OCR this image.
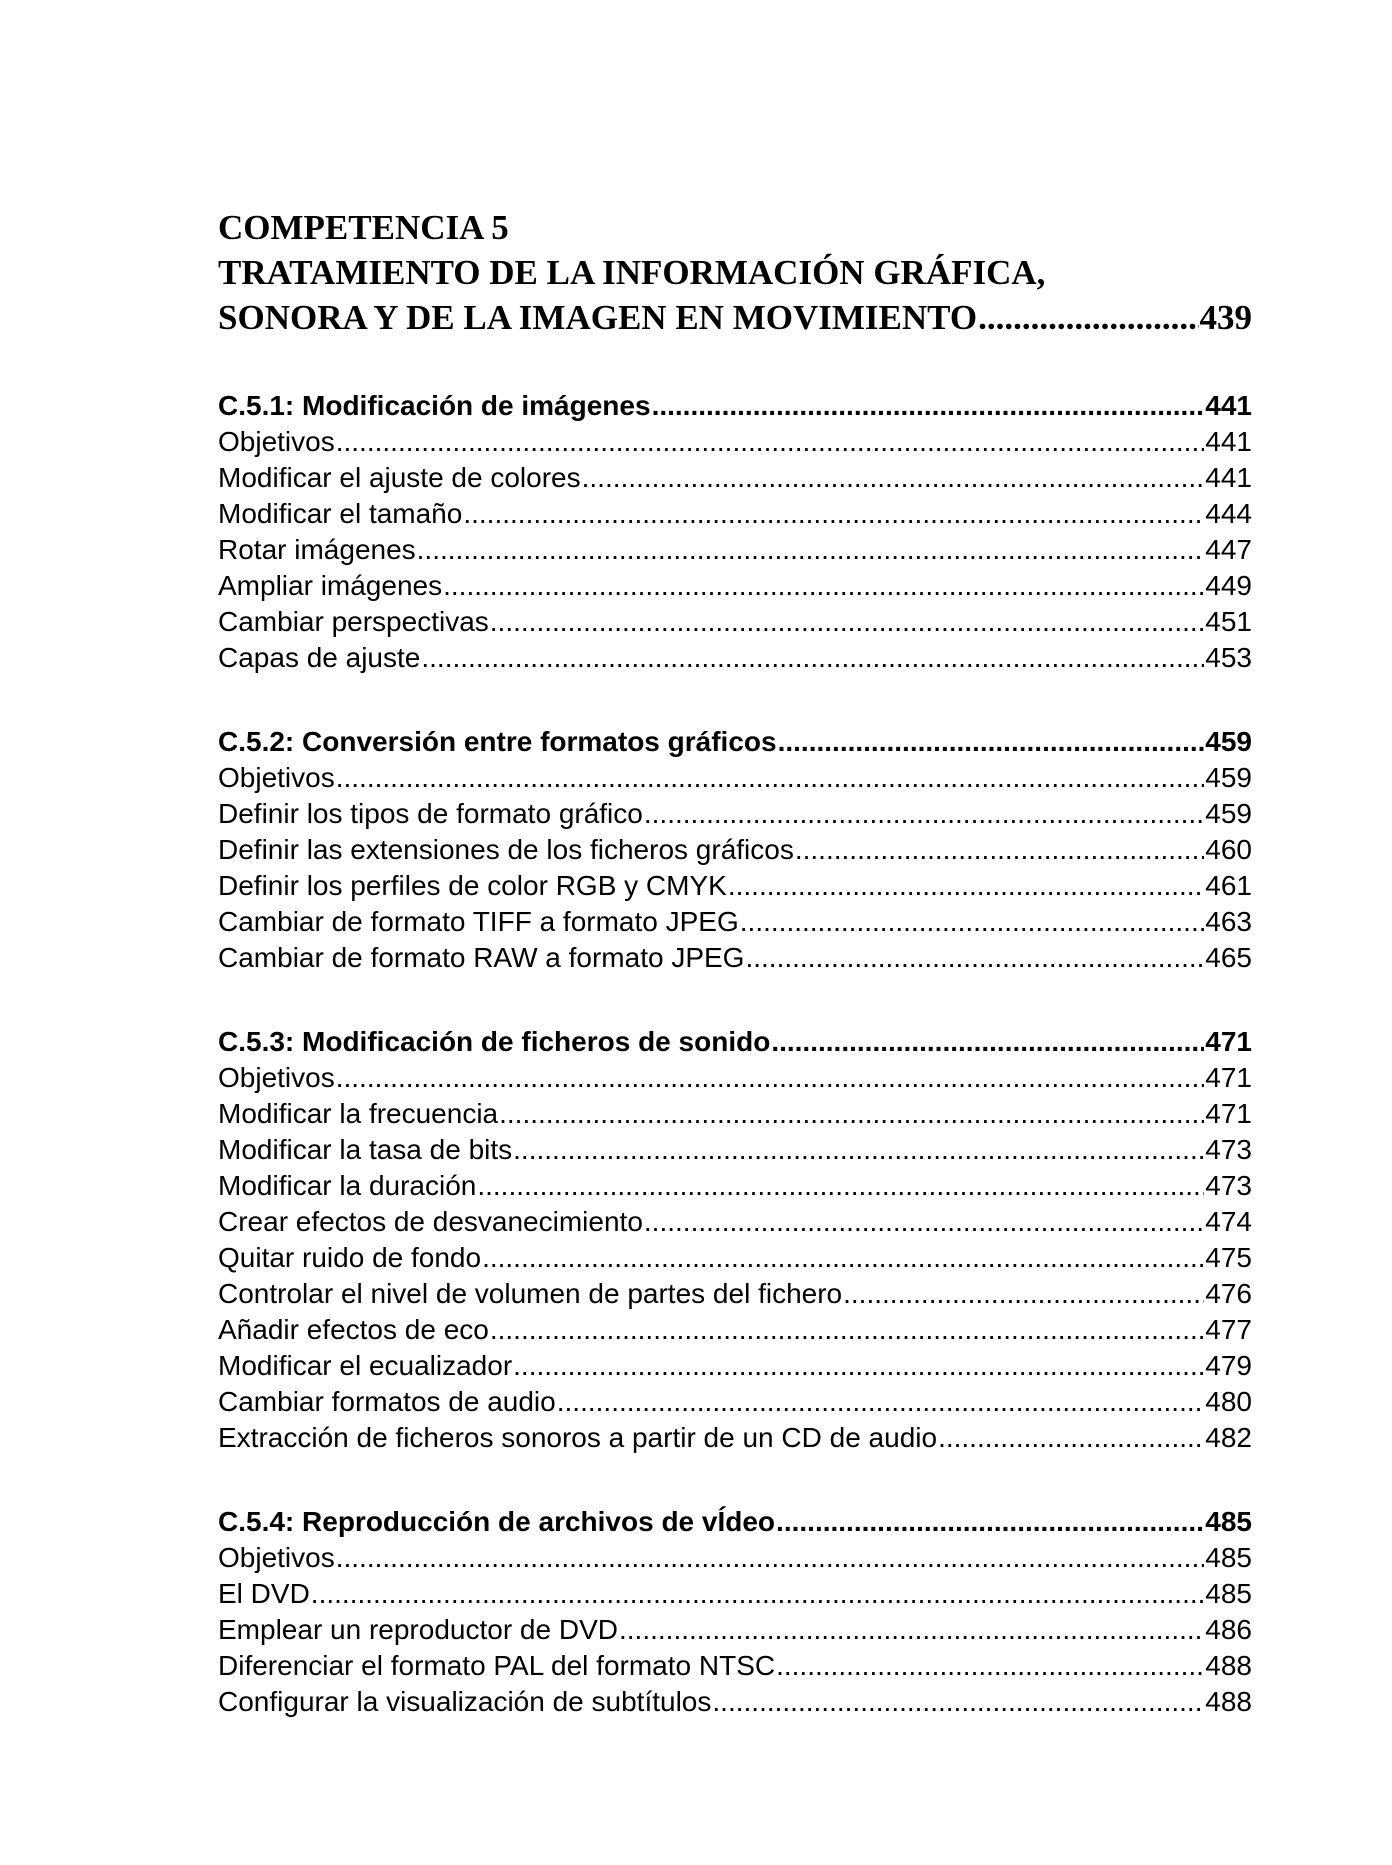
COMPETENCIA 5
TRATAMIENTO DE LA INFORMACIÓN GRÁFICA,
SONORA Y DE LA IMAGEN EN MOVIMIENTO .....	439
C.5.1: Modificación de imágenes .....	441
Objetivos .....	441
Modificar el ajuste de colores .....	441
Modificar el tamaño .....	444
Rotar imágenes .....	447
Ampliar imágenes .....	449
Cambiar perspectivas .....	451
Capas de ajuste .....	453
C.5.2: Conversión entre formatos gráficos .....	459
Objetivos .....	459
Definir los tipos de formato gráfico .....	459
Definir las extensiones de los ficheros gráficos .....	460
Definir los perfiles de color RGB y CMYK .....	461
Cambiar de formato TIFF a formato JPEG .....	463
Cambiar de formato RAW a formato JPEG .....	465
C.5.3: Modificación de ficheros de sonido .....	471
Objetivos .....	471
Modificar la frecuencia .....	471
Modificar la tasa de bits .....	473
Modificar la duración .....	473
Crear efectos de desvanecimiento .....	474
Quitar ruido de fondo .....	475
Controlar el nivel de volumen de partes del fichero .....	476
Añadir efectos de eco .....	477
Modificar el ecualizador .....	479
Cambiar formatos de audio .....	480
Extracción de ficheros sonoros a partir de un CD de audio .....	482
C.5.4: Reproducción de archivos de vÍdeo .....	485
Objetivos .....	485
El DVD .....	485
Emplear un reproductor de DVD .....	486
Diferenciar el formato PAL del formato NTSC .....	488
Configurar la visualización de subtítulos .....	488
